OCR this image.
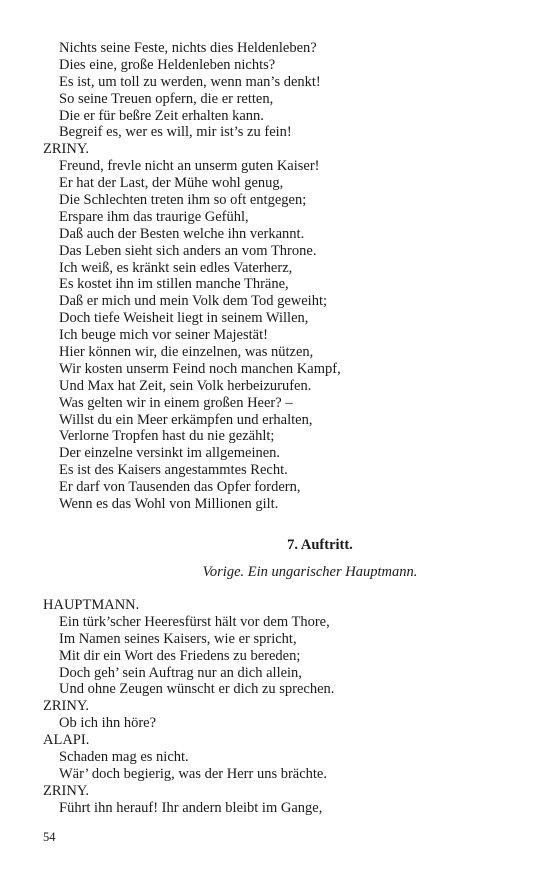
Nichts seine Feste, nichts dies Heldenleben?
Dies eine, große Heldenleben nichts?
Es ist, um toll zu werden, wenn man’s denkt!
So seine Treuen opfern, die er retten,
Die er für beßre Zeit erhalten kann.
Begreif es, wer es will, mir ist’s zu fein!
ZRINY.
Freund, frevle nicht an unserm guten Kaiser!
Er hat der Last, der Mühe wohl genug,
Die Schlechten treten ihm so oft entgegen;
Erspare ihm das traurige Gefühl,
Daß auch der Besten welche ihn verkannt.
Das Leben sieht sich anders an vom Throne.
Ich weiß, es kränkt sein edles Vaterherz,
Es kostet ihn im stillen manche Thräne,
Daß er mich und mein Volk dem Tod geweiht;
Doch tiefe Weisheit liegt in seinem Willen,
Ich beuge mich vor seiner Majestät!
Hier können wir, die einzelnen, was nützen,
Wir kosten unserm Feind noch manchen Kampf,
Und Max hat Zeit, sein Volk herbeizurufen.
Was gelten wir in einem großen Heer? –
Willst du ein Meer erkämpfen und erhalten,
Verlorne Tropfen hast du nie gezählt;
Der einzelne versinkt im allgemeinen.
Es ist des Kaisers angestammtes Recht.
Er darf von Tausenden das Opfer fordern,
Wenn es das Wohl von Millionen gilt.
7. Auftritt.
Vorige. Ein ungarischer Hauptmann.
HAUPTMANN.
Ein türk’scher Heeresfürst hält vor dem Thore,
Im Namen seines Kaisers, wie er spricht,
Mit dir ein Wort des Friedens zu bereden;
Doch geh’ sein Auftrag nur an dich allein,
Und ohne Zeugen wünscht er dich zu sprechen.
ZRINY.
Ob ich ihn höre?
ALAPI.
Schaden mag es nicht.
Wär’ doch begierig, was der Herr uns brächte.
ZRINY.
Führt ihn herauf! Ihr andern bleibt im Gange,
54
